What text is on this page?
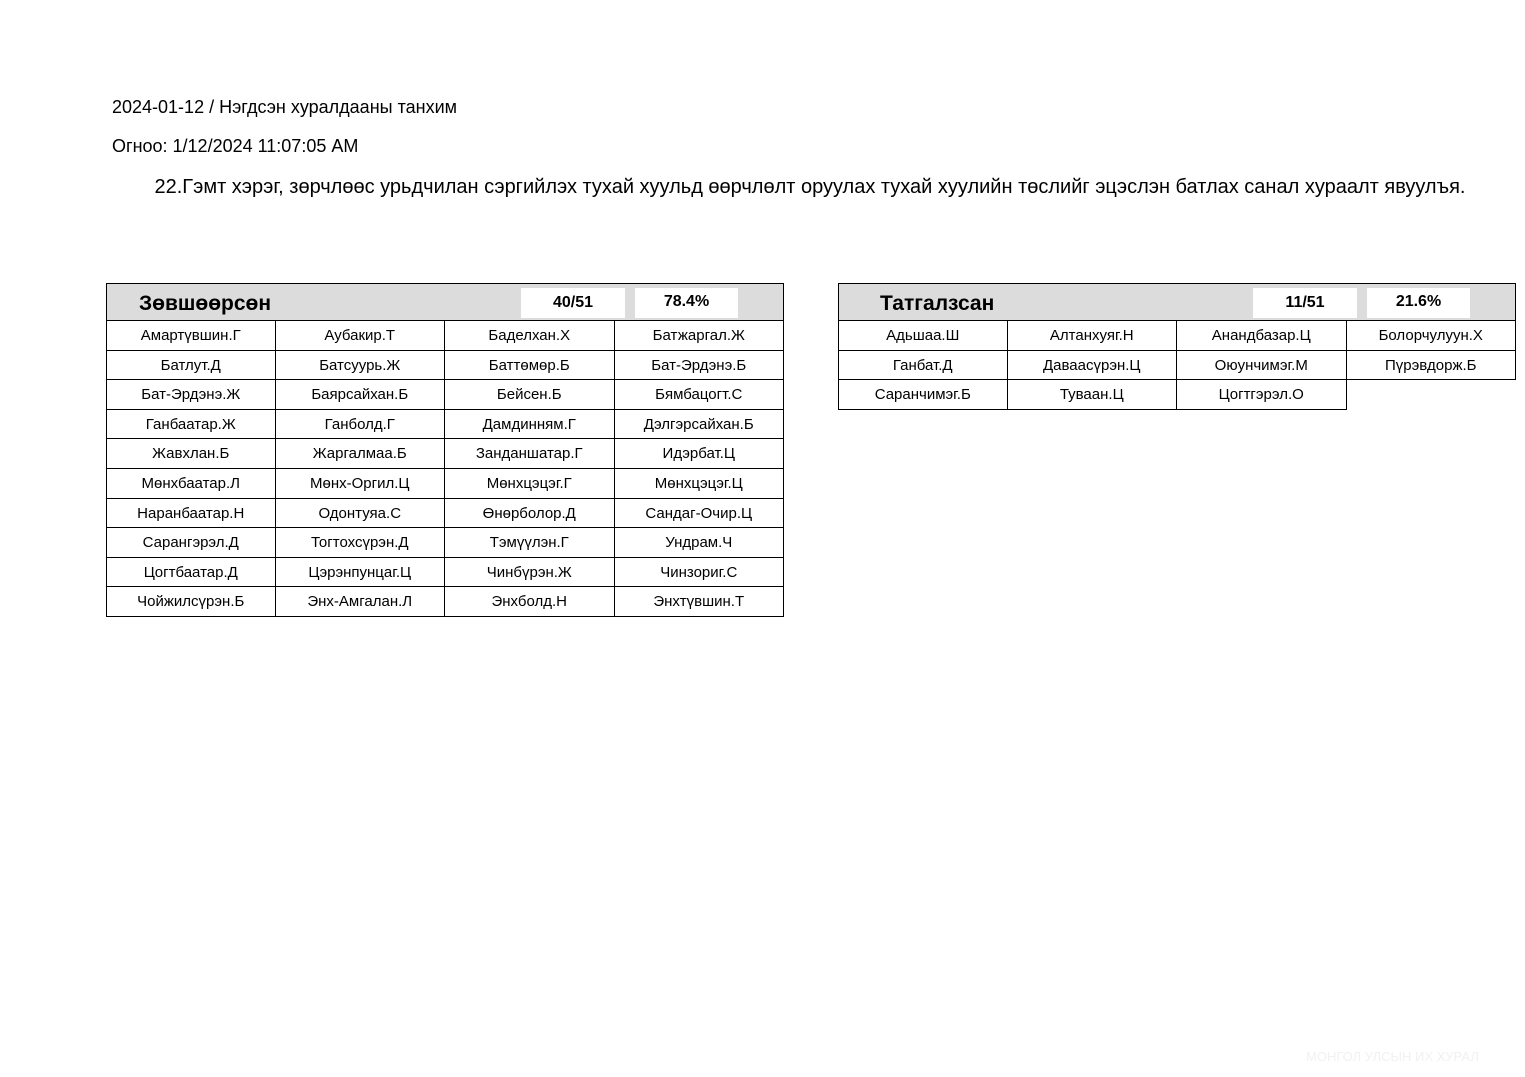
2024-01-12 / Нэгдсэн хуралдааны танхим
Огноо: 1/12/2024 11:07:05 AM
22.Гэмт хэрэг, зөрчлөөс урьдчилан сэргийлэх тухай хуульд өөрчлөлт оруулах тухай хуулийн төслийг эцэслэн батлах санал хураалт явуулъя.
Зөвшөөрсөн	40/51	78.4%
Амартүвшин.Г	Аубакир.Т	Баделхан.Х	Батжаргал.Ж
Батлут.Д	Батсуурь.Ж	Баттөмөр.Б	Бат-Эрдэнэ.Б
Бат-Эрдэнэ.Ж	Баярсайхан.Б	Бейсен.Б	Бямбацогт.С
Ганбаатар.Ж	Ганболд.Г	Дамдинням.Г	Дэлгэрсайхан.Б
Жавхлан.Б	Жаргалмаа.Б	Занданшатар.Г	Идэрбат.Ц
Мөнхбаатар.Л	Мөнх-Оргил.Ц	Мөнхцэцэг.Г	Мөнхцэцэг.Ц
Наранбаатар.Н	Одонтуяа.С	Өнөрболор.Д	Сандаг-Очир.Ц
Сарангэрэл.Д	Тогтохсүрэн.Д	Тэмүүлэн.Г	Ундрам.Ч
Цогтбаатар.Д	Цэрэнпунцаг.Ц	Чинбүрэн.Ж	Чинзориг.С
Чойжилсүрэн.Б	Энх-Амгалан.Л	Энхболд.Н	Энхтүвшин.Т
Татгалзсан	11/51	21.6%
Адьшаа.Ш	Алтанхуяг.Н	Анандбазар.Ц	Болорчулуун.Х
Ганбат.Д	Даваасүрэн.Ц	Оюунчимэг.М	Пүрэвдорж.Б
Саранчимэг.Б	Туваан.Ц	Цогтгэрэл.О
МОНГОЛ УЛСЫН ИХ ХУРАЛ
